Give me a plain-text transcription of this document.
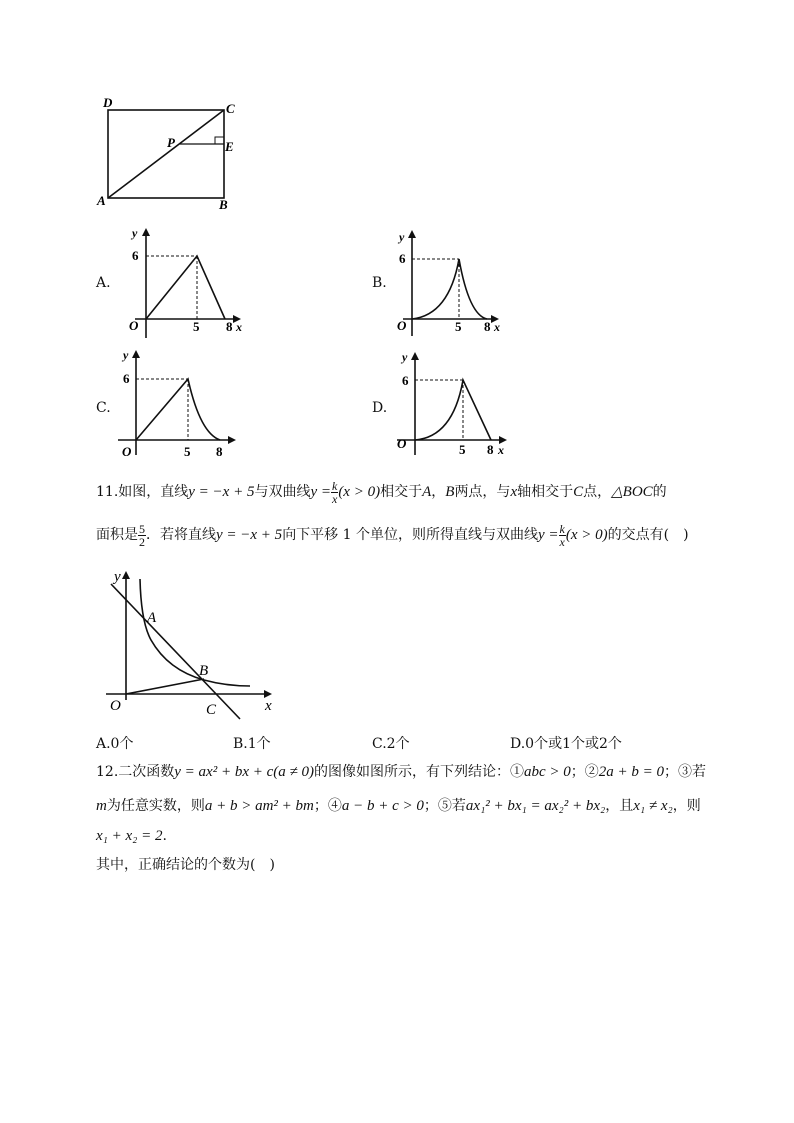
D	C
P	E
A	B
A.
y
6
O	5 8 x
B.
y
6
O	5 8 x
C.
y
6
O	5 8
D.
y
6
O	5 8 x
11.如图，直线y = −x + 5与双曲线$y = \frac{k}{x} (x > 0)$相交于A，B两点，与x轴相交于C点，△BOC的
面积是 $\frac{5}{2}$ ．若将直线y = −x + 5向下平移 1 个单位，则所得直线与双曲线$y = \frac{k}{x} (x > 0)$的交点有(　)
y
A
B
O	C	x
A.0个	B.1个	C.2个	D.0个或1个或2个
12.二次函数y = ax² + bx + c(a ≠ 0)的图像如图所示，有下列结论：①abc > 0；②2a + b = 0；③若
m为任意实数，则a + b > am² + bm；④a − b + c > 0；⑤若ax₁² + bx₁ = ax₂² + bx₂，且x₁ ≠ x₂，则
x₁ + x₂ = 2.
其中，正确结论的个数为(　)
